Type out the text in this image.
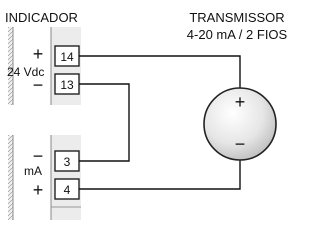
INDICADOR	TRANSMISSOR
4-20 mA / 2 FIOS
14
13
3
4
+
24 Vdc
−
−
mA
+
+
−
